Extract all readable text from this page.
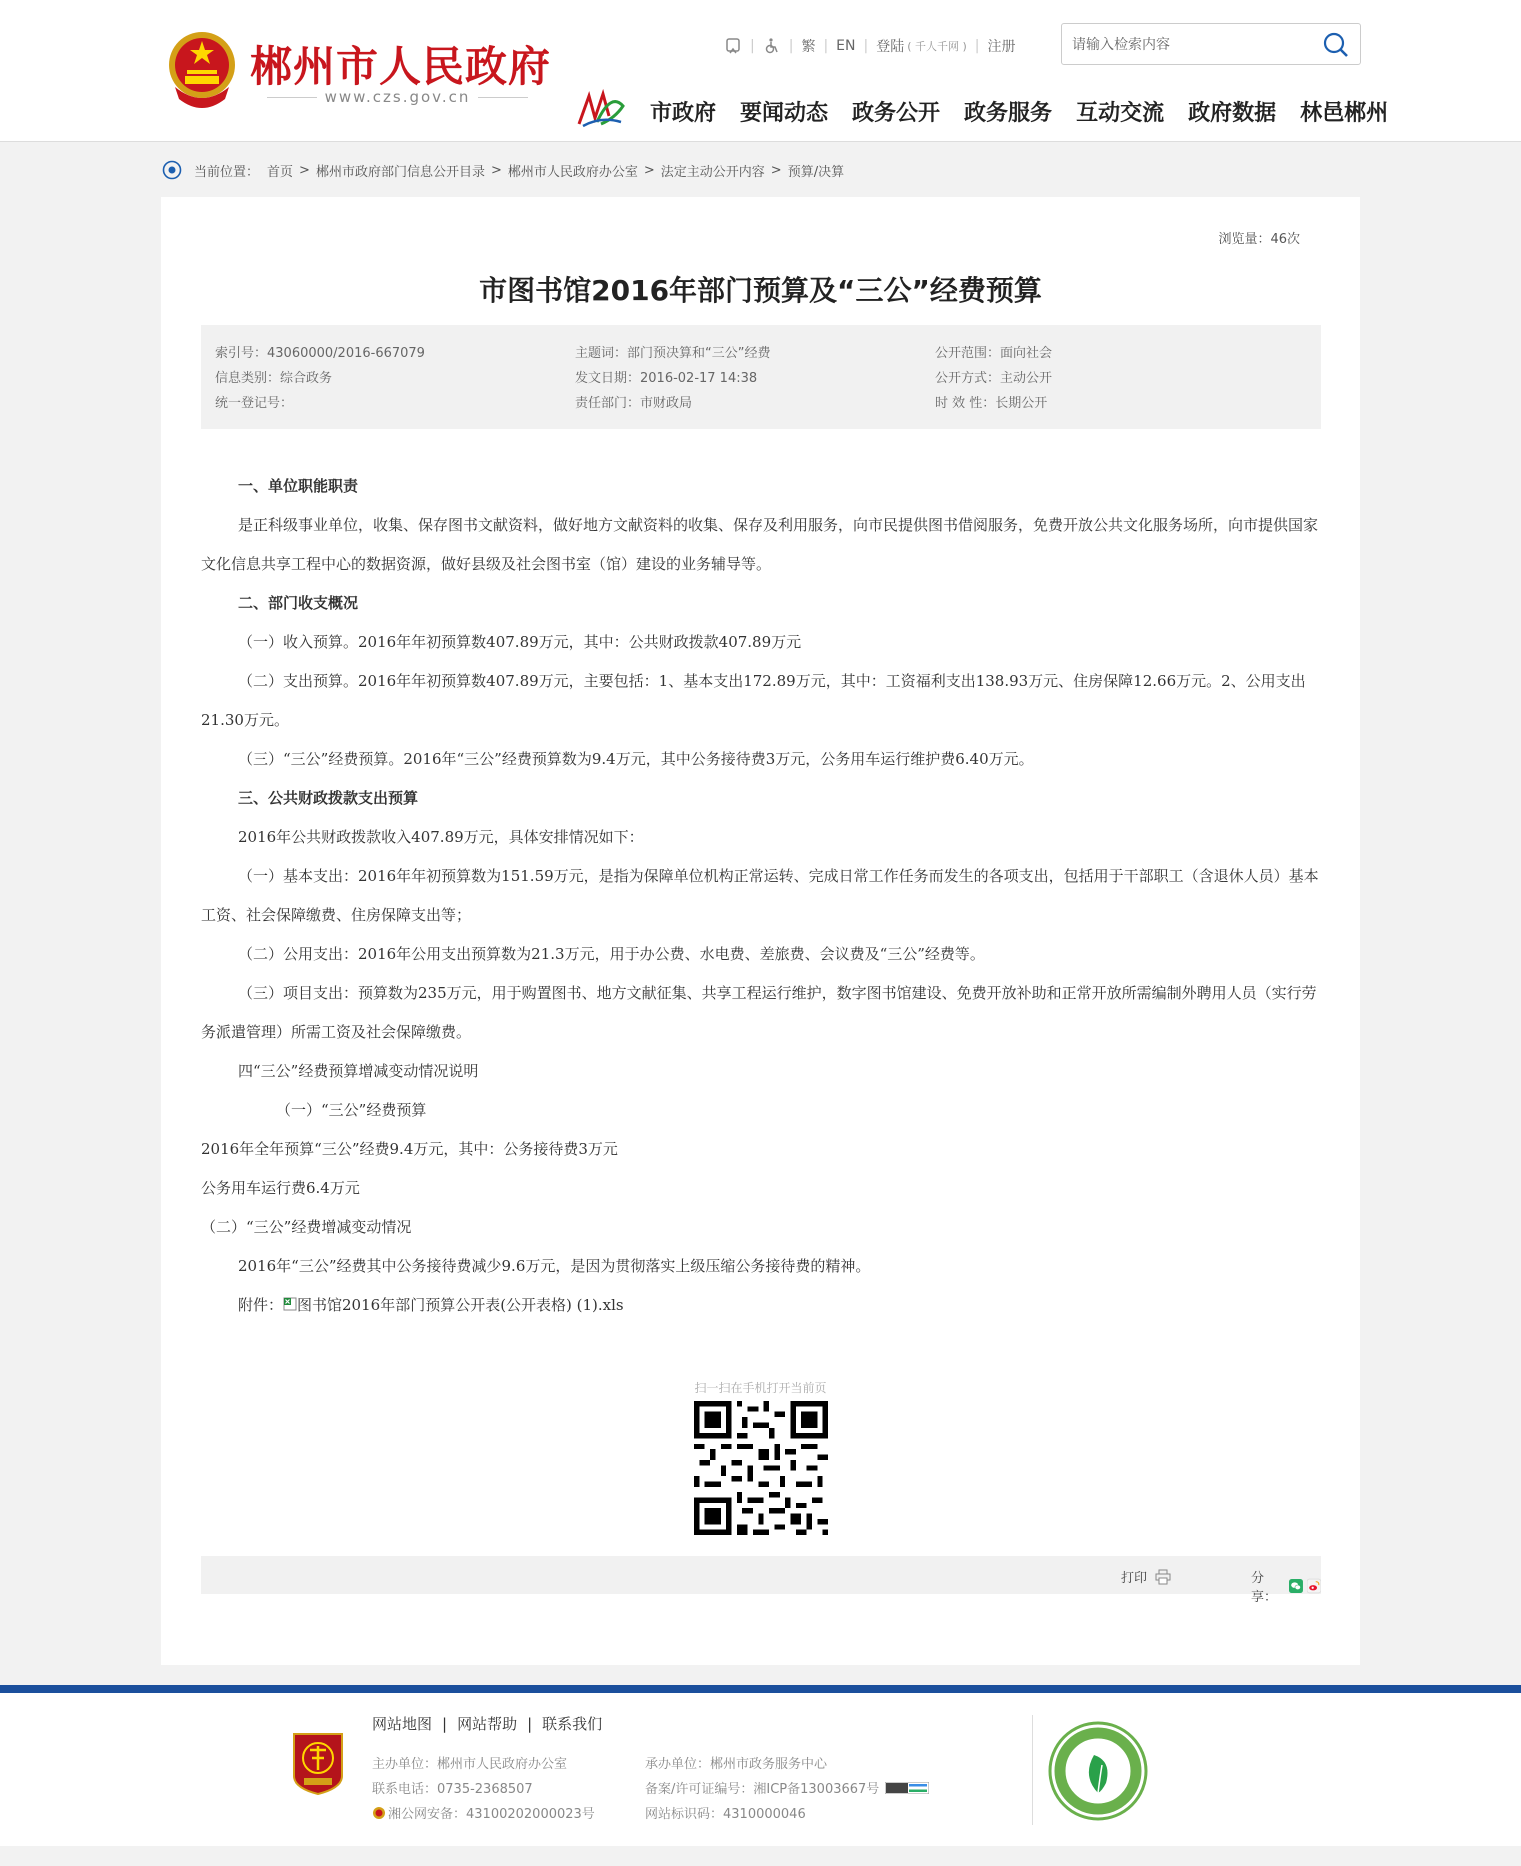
郴州市人民政府
www.czs.gov.cn
| | 繁 | EN | 登陆 ( 千人千网 ) | 注册
请输入检索内容
市政府 要闻动态 政务公开 政务服务 互动交流 政府数据 林邑郴州
当前位置： 首页 > 郴州市政府部门信息公开目录 > 郴州市人民政府办公室 > 法定主动公开内容 > 预算/决算
浏览量：46次
市图书馆2016年部门预算及“三公”经费预算
索引号：43060000/2016-667079	主题词：部门预决算和“三公”经费	公开范围：面向社会
信息类别：综合政务	发文日期：2016-02-17 14:38	公开方式：主动公开
统一登记号：	责任部门：市财政局	时 效 性：长期公开

一、单位职能职责

是正科级事业单位，收集、保存图书文献资料，做好地方文献资料的收集、保存及利用服务，向市民提供图书借阅服务，免费开放公共文化服务场所，向市提供国家文化信息共享工程中心的数据资源，做好县级及社会图书室（馆）建设的业务辅导等。

二、部门收支概况

（一）收入预算。2016年年初预算数407.89万元，其中：公共财政拨款407.89万元

（二）支出预算。2016年年初预算数407.89万元，主要包括：1、基本支出172.89万元，其中：工资福利支出138.93万元、住房保障12.66万元。2、公用支出21.30万元。

（三）“三公”经费预算。2016年“三公”经费预算数为9.4万元，其中公务接待费3万元，公务用车运行维护费6.40万元。

三、公共财政拨款支出预算

2016年公共财政拨款收入407.89万元，具体安排情况如下：

（一）基本支出：2016年年初预算数为151.59万元，是指为保障单位机构正常运转、完成日常工作任务而发生的各项支出，包括用于干部职工（含退休人员）基本工资、社会保障缴费、住房保障支出等；

（二）公用支出：2016年公用支出预算数为21.3万元，用于办公费、水电费、差旅费、会议费及“三公”经费等。

（三）项目支出：预算数为235万元，用于购置图书、地方文献征集、共享工程运行维护，数字图书馆建设、免费开放补助和正常开放所需编制外聘用人员（实行劳务派遣管理）所需工资及社会保障缴费。

四“三公”经费预算增减变动情况说明

（一）“三公”经费预算

2016年全年预算“三公”经费9.4万元，其中：公务接待费3万元

公务用车运行费6.4万元

（二）“三公”经费增减变动情况

2016年“三公”经费其中公务接待费减少9.6万元，是因为贯彻落实上级压缩公务接待费的精神。

附件： 图书馆2016年部门预算公开表(公开表格) (1).xls

扫一扫在手机打开当前页
打印	分享：
网站地图 | 网站帮助 | 联系我们
主办单位：郴州市人民政府办公室
联系电话：0735-2368507
湘公网安备：43100202000023号
承办单位：郴州市政务服务中心
备案/许可证编号：湘ICP备13003667号
网站标识码：4310000046
